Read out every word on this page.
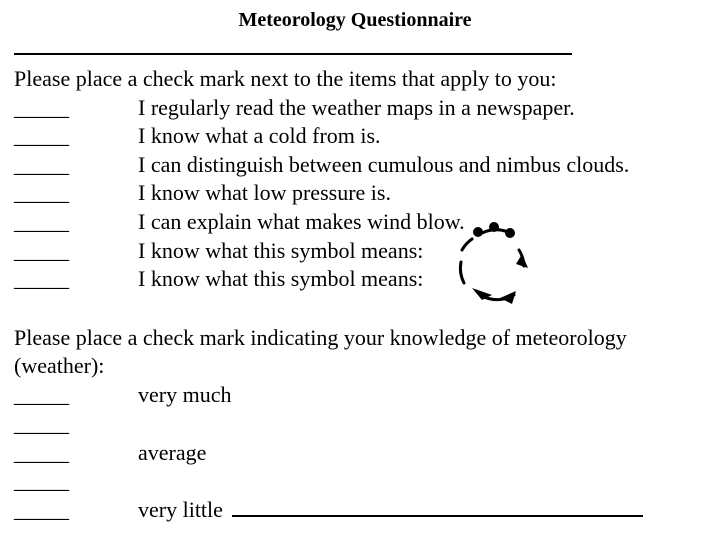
Meteorology Questionnaire
Please place a check mark next to the items that apply to you:
_____	I regularly read the weather maps in a newspaper.
_____	I know what a cold from is.
_____	I can distinguish between cumulous and nimbus clouds.
_____	I know what low pressure is.
_____	I can explain what makes wind blow.
_____	I know what this symbol means:
_____	I know what this symbol means:
Please place a check mark indicating your knowledge of meteorology
(weather):
_____	very much
_____
_____	average
_____
_____	very little
